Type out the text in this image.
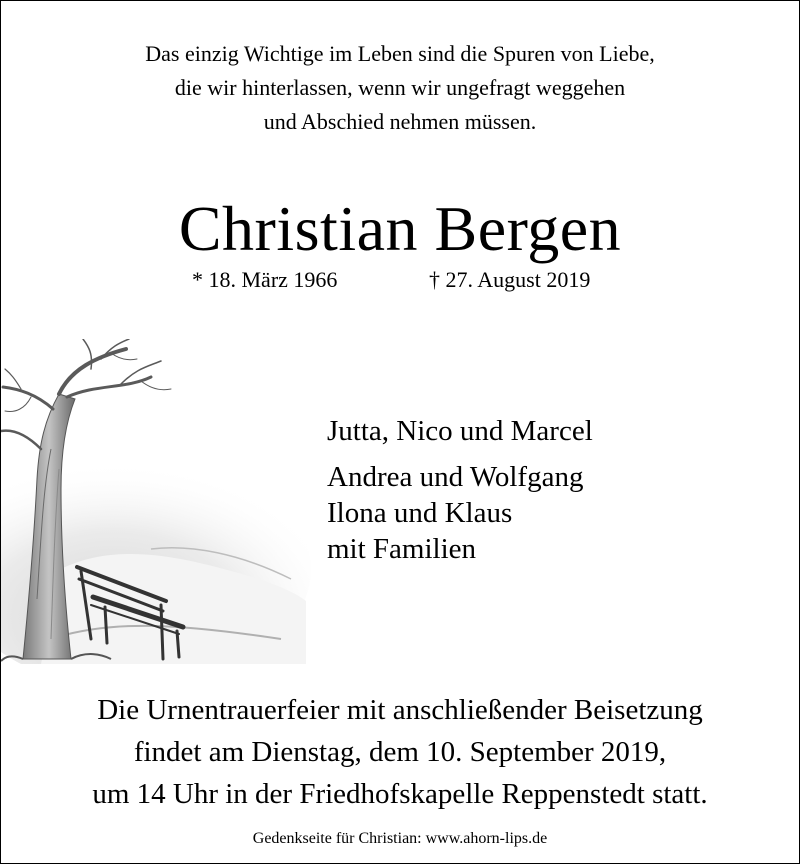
Das einzig Wichtige im Leben sind die Spuren von Liebe,
die wir hinterlassen, wenn wir ungefragt weggehen
und Abschied nehmen müssen.
Christian Bergen
* 18. März 1966	† 27. August 2019
Jutta, Nico und Marcel
Andrea und Wolfgang
Ilona und Klaus
mit Familien
Die Urnentrauerfeier mit anschließender Beisetzung
findet am Dienstag, dem 10. September 2019,
um 14 Uhr in der Friedhofskapelle Reppenstedt statt.
Gedenkseite für Christian: www.ahorn-lips.de
